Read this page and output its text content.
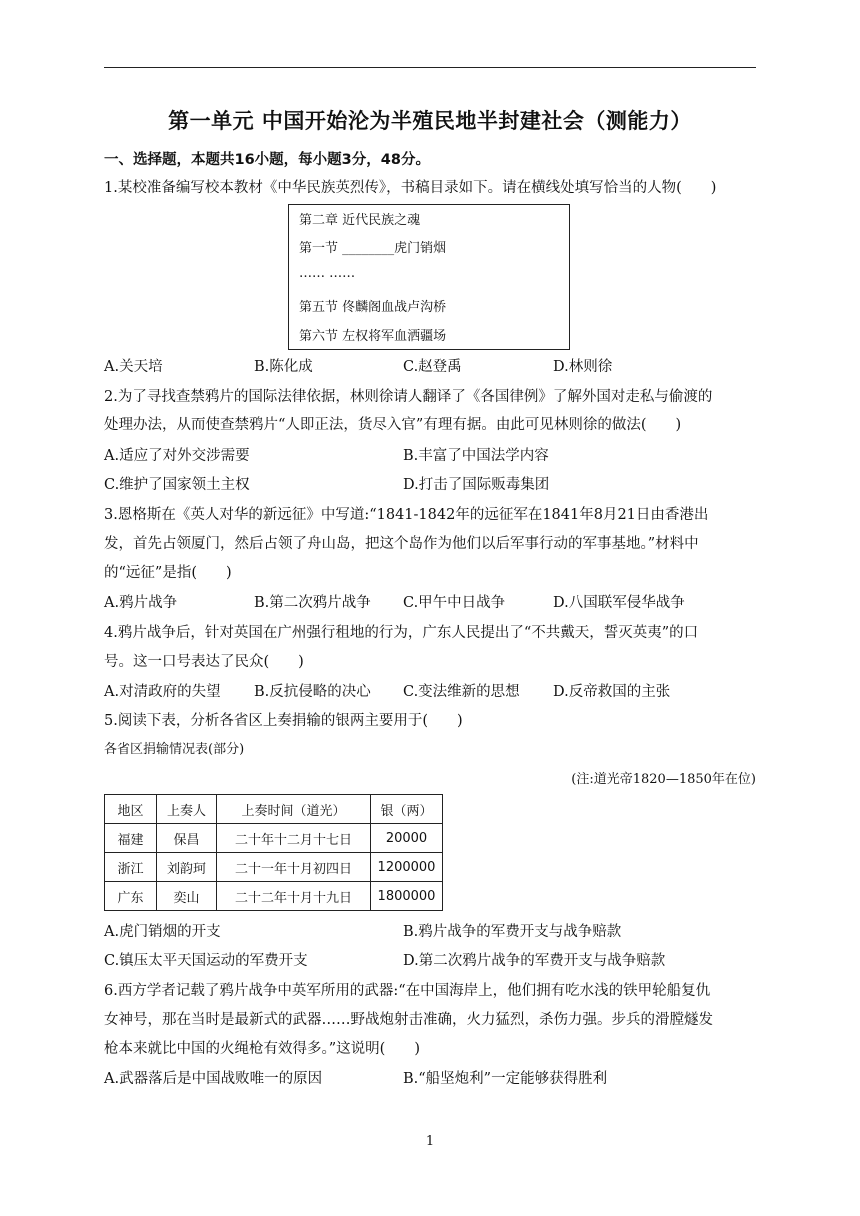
第一单元 中国开始沦为半殖民地半封建社会（测能力）
一、选择题，本题共16小题，每小题3分，48分。
1.某校准备编写校本教材《中华民族英烈传》，书稿目录如下。请在横线处填写恰当的人物(　　)
第二章 近代民族之魂
第一节 ________虎门销烟
…… ……
第五节 佟麟阁血战卢沟桥
第六节 左权将军血洒疆场
A.关天培	B.陈化成	C.赵登禹	D.林则徐
2.为了寻找查禁鸦片的国际法律依据，林则徐请人翻译了《各国律例》了解外国对走私与偷渡的
处理办法，从而使查禁鸦片“人即正法，货尽入官”有理有据。由此可见林则徐的做法(　　)
A.适应了对外交涉需要	B.丰富了中国法学内容
C.维护了国家领土主权	D.打击了国际贩毒集团
3.恩格斯在《英人对华的新远征》中写道:“1841-1842年的远征军在1841年8月21日由香港出
发，首先占领厦门，然后占领了舟山岛，把这个岛作为他们以后军事行动的军事基地。”材料中
的“远征”是指(　　)
A.鸦片战争	B.第二次鸦片战争 C.甲午中日战争	D.八国联军侵华战争
4.鸦片战争后，针对英国在广州强行租地的行为，广东人民提出了“不共戴天，誓灭英夷”的口
号。这一口号表达了民众(　　)
A.对清政府的失望 B.反抗侵略的决心 C.变法维新的思想 D.反帝救国的主张
5.阅读下表，分析各省区上奏捐输的银两主要用于(　　)
各省区捐输情况表(部分)
(注:道光帝1820—1850年在位)
地区	上奏人	上奏时间（道光）	银（两）
福建	保昌	二十年十二月十七日	20000
浙江	刘韵珂	二十一年十月初四日	1200000
广东	奕山	二十二年十月十九日	1800000
A.虎门销烟的开支	B.鸦片战争的军费开支与战争赔款
C.镇压太平天国运动的军费开支	D.第二次鸦片战争的军费开支与战争赔款
6.西方学者记载了鸦片战争中英军所用的武器:“在中国海岸上，他们拥有吃水浅的铁甲轮船复仇
女神号，那在当时是最新式的武器……野战炮射击准确，火力猛烈，杀伤力强。步兵的滑膛燧发
枪本来就比中国的火绳枪有效得多。”这说明(　　)
A.武器落后是中国战败唯一的原因	B.“船坚炮利”一定能够获得胜利
1
